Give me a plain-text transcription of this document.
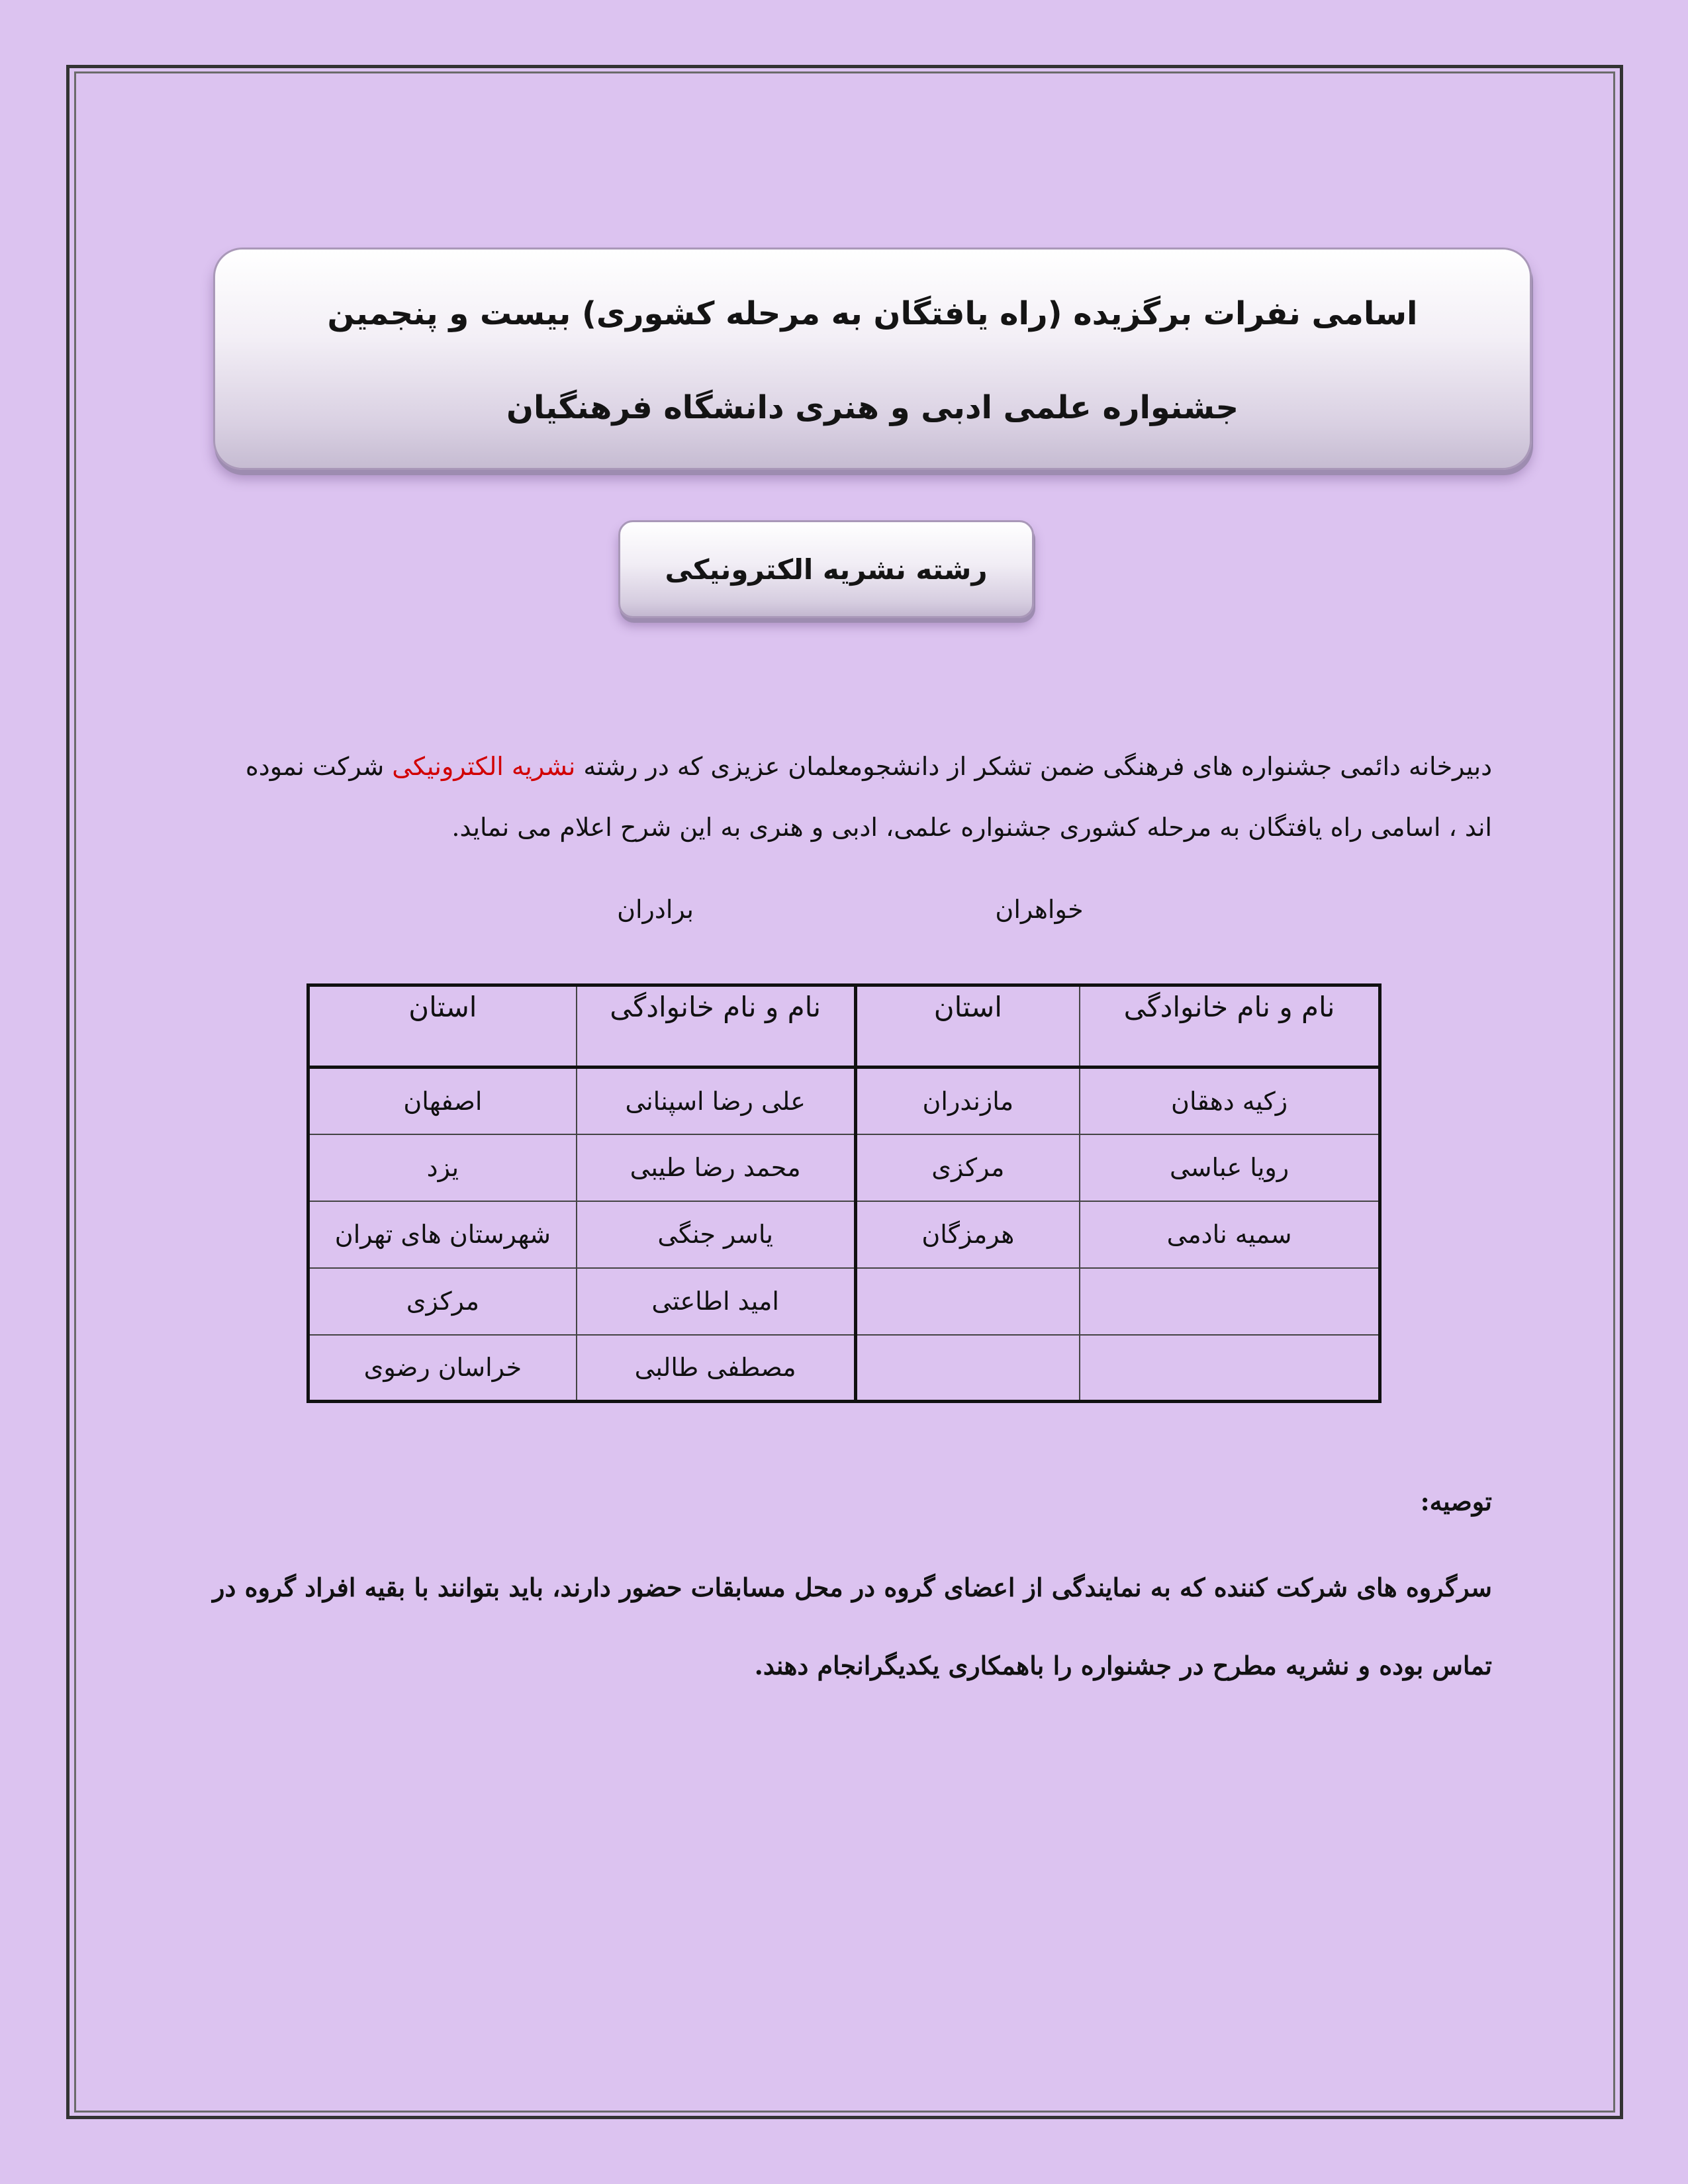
اسامی نفرات برگزیده (راه یافتگان به مرحله کشوری) بیست و پنجمین
جشنواره علمی ادبی و هنری دانشگاه فرهنگیان
رشته نشریه الکترونیکی
دبیرخانه دائمی جشنواره های فرهنگی ضمن تشکر از دانشجومعلمان عزیزی که در رشته نشریه الکترونیکی شرکت نموده اند ، اسامی راه یافتگان به مرحله کشوری جشنواره علمی، ادبی و هنری به این شرح اعلام می نماید.
خواهران
برادران
نام و نام خانوادگی	استان	نام و نام خانوادگی	استان
زکیه دهقان	مازندران	علی رضا اسپنانی	اصفهان
رویا عباسی	مرکزی	محمد رضا طیبی	یزد
سمیه نادمی	هرمزگان	یاسر جنگی	شهرستان های تهران
		امید اطاعتی	مرکزی
		مصطفی طالبی	خراسان رضوی
توصیه:
سرگروه های شرکت کننده که به نمایندگی از اعضای گروه در محل مسابقات حضور دارند، باید بتوانند با بقیه افراد گروه در تماس بوده و نشریه مطرح در جشنواره را باهمکاری یکدیگرانجام دهند.
